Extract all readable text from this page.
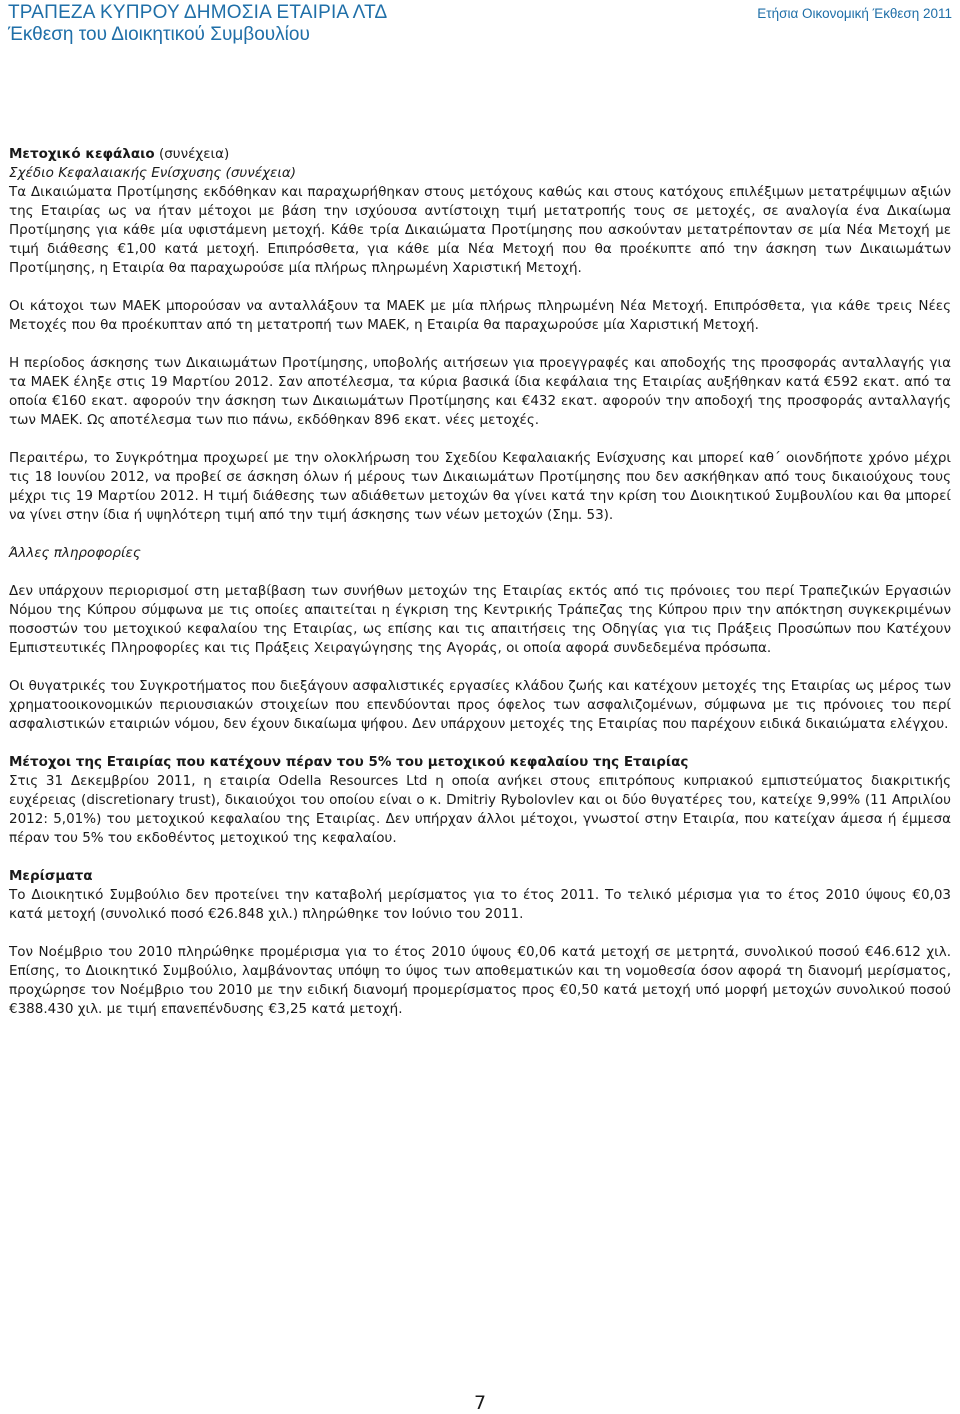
ΤΡΑΠΕΖΑ ΚΥΠΡΟΥ ΔΗΜΟΣΙΑ ΕΤΑΙΡΙΑ ΛΤΔ
Έκθεση του Διοικητικού Συμβουλίου
Ετήσια Οικονομική Έκθεση 2011

Μετοχικό κεφάλαιο (συνέχεια)

Σχέδιο Κεφαλαιακής Ενίσχυσης (συνέχεια)

Τα Δικαιώματα Προτίμησης εκδόθηκαν και παραχωρήθηκαν στους μετόχους καθώς και στους κατόχους επιλέξιμων μετατρέψιμων αξιών της Εταιρίας ως να ήταν μέτοχοι με βάση την ισχύουσα αντίστοιχη τιμή μετατροπής τους σε μετοχές, σε αναλογία ένα Δικαίωμα Προτίμησης για κάθε μία υφιστάμενη μετοχή. Κάθε τρία Δικαιώματα Προτίμησης που ασκούνταν μετατρέπονταν σε μία Νέα Μετοχή με τιμή διάθεσης €1,00 κατά μετοχή. Επιπρόσθετα, για κάθε μία Νέα Μετοχή που θα προέκυπτε από την άσκηση των Δικαιωμάτων Προτίμησης, η Εταιρία θα παραχωρούσε μία πλήρως πληρωμένη Χαριστική Μετοχή.

Οι κάτοχοι των ΜΑΕΚ μπορούσαν να ανταλλάξουν τα ΜΑΕΚ με μία πλήρως πληρωμένη Νέα Μετοχή. Επιπρόσθετα, για κάθε τρεις Νέες Μετοχές που θα προέκυπταν από τη μετατροπή των ΜΑΕΚ, η Εταιρία θα παραχωρούσε μία Χαριστική Μετοχή.

Η περίοδος άσκησης των Δικαιωμάτων Προτίμησης, υποβολής αιτήσεων για προεγγραφές και αποδοχής της προσφοράς ανταλλαγής για τα ΜΑΕΚ έληξε στις 19 Μαρτίου 2012. Σαν αποτέλεσμα, τα κύρια βασικά ίδια κεφάλαια της Εταιρίας αυξήθηκαν κατά €592 εκατ. από τα οποία €160 εκατ. αφορούν την άσκηση των Δικαιωμάτων Προτίμησης και €432 εκατ. αφορούν την αποδοχή της προσφοράς ανταλλαγής των ΜΑΕΚ. Ως αποτέλεσμα των πιο πάνω, εκδόθηκαν 896 εκατ. νέες μετοχές.

Περαιτέρω, το Συγκρότημα προχωρεί με την ολοκλήρωση του Σχεδίου Κεφαλαιακής Ενίσχυσης και μπορεί καθ΄ οιονδήποτε χρόνο μέχρι τις 18 Ιουνίου 2012, να προβεί σε άσκηση όλων ή μέρους των Δικαιωμάτων Προτίμησης που δεν ασκήθηκαν από τους δικαιούχους τους μέχρι τις 19 Μαρτίου 2012. Η τιμή διάθεσης των αδιάθετων μετοχών θα γίνει κατά την κρίση του Διοικητικού Συμβουλίου και θα μπορεί να γίνει στην ίδια ή υψηλότερη τιμή από την τιμή άσκησης των νέων μετοχών (Σημ. 53).

Άλλες πληροφορίες

Δεν υπάρχουν περιορισμοί στη μεταβίβαση των συνήθων μετοχών της Εταιρίας εκτός από τις πρόνοιες του περί Τραπεζικών Εργασιών Νόμου της Κύπρου σύμφωνα με τις οποίες απαιτείται η έγκριση της Κεντρικής Τράπεζας της Κύπρου πριν την απόκτηση συγκεκριμένων ποσοστών του μετοχικού κεφαλαίου της Εταιρίας, ως επίσης και τις απαιτήσεις της Οδηγίας για τις Πράξεις Προσώπων που Κατέχουν Εμπιστευτικές Πληροφορίες και τις Πράξεις Χειραγώγησης της Αγοράς, οι οποία αφορά συνδεδεμένα πρόσωπα.

Οι θυγατρικές του Συγκροτήματος που διεξάγουν ασφαλιστικές εργασίες κλάδου ζωής και κατέχουν μετοχές της Εταιρίας ως μέρος των χρηματοοικονομικών περιουσιακών στοιχείων που επενδύονται προς όφελος των ασφαλιζομένων, σύμφωνα με τις πρόνοιες του περί ασφαλιστικών εταιριών νόμου, δεν έχουν δικαίωμα ψήφου. Δεν υπάρχουν μετοχές της Εταιρίας που παρέχουν ειδικά δικαιώματα ελέγχου.

Μέτοχοι της Εταιρίας που κατέχουν πέραν του 5% του μετοχικού κεφαλαίου της Εταιρίας

Στις 31 Δεκεμβρίου 2011, η εταιρία Odella Resources Ltd η οποία ανήκει στους επιτρόπους κυπριακού εμπιστεύματος διακριτικής ευχέρειας (discretionary trust), δικαιούχοι του οποίου είναι ο κ. Dmitriy Rybolovlev και οι δύο θυγατέρες του, κατείχε 9,99% (11 Απριλίου 2012: 5,01%) του μετοχικού κεφαλαίου της Εταιρίας. Δεν υπήρχαν άλλοι μέτοχοι, γνωστοί στην Εταιρία, που κατείχαν άμεσα ή έμμεσα πέραν του 5% του εκδοθέντος μετοχικού της κεφαλαίου.

Μερίσματα

Το Διοικητικό Συμβούλιο δεν προτείνει την καταβολή μερίσματος για το έτος 2011. Το τελικό μέρισμα για το έτος 2010 ύψους €0,03 κατά μετοχή (συνολικό ποσό €26.848 χιλ.) πληρώθηκε τον Ιούνιο του 2011.

Τον Νοέμβριο του 2010 πληρώθηκε προμέρισμα για το έτος 2010 ύψους €0,06 κατά μετοχή σε μετρητά, συνολικού ποσού €46.612 χιλ. Επίσης, το Διοικητικό Συμβούλιο, λαμβάνοντας υπόψη το ύψος των αποθεματικών και τη νομοθεσία όσον αφορά τη διανομή μερίσματος, προχώρησε τον Νοέμβριο του 2010 με την ειδική διανομή προμερίσματος προς €0,50 κατά μετοχή υπό μορφή μετοχών συνολικού ποσού €388.430 χιλ. με τιμή επανεπένδυσης €3,25 κατά μετοχή.

7
